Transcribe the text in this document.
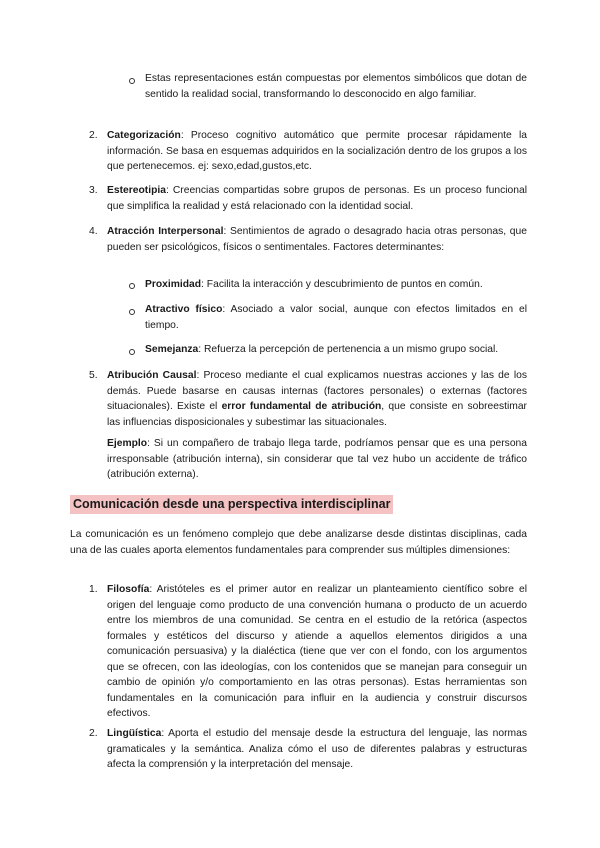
Estas representaciones están compuestas por elementos simbólicos que dotan de sentido la realidad social, transformando lo desconocido en algo familiar.

2. Categorización: Proceso cognitivo automático que permite procesar rápidamente la información. Se basa en esquemas adquiridos en la socialización dentro de los grupos a los que pertenecemos. ej: sexo,edad,gustos,etc.

3. Estereotipia: Creencias compartidas sobre grupos de personas. Es un proceso funcional que simplifica la realidad y está relacionado con la identidad social.

4. Atracción Interpersonal: Sentimientos de agrado o desagrado hacia otras personas, que pueden ser psicológicos, físicos o sentimentales. Factores determinantes:

Proximidad: Facilita la interacción y descubrimiento de puntos en común.

Atractivo físico: Asociado a valor social, aunque con efectos limitados en el tiempo.

Semejanza: Refuerza la percepción de pertenencia a un mismo grupo social.

5. Atribución Causal: Proceso mediante el cual explicamos nuestras acciones y las de los demás. Puede basarse en causas internas (factores personales) o externas (factores situacionales). Existe el error fundamental de atribución, que consiste en sobreestimar las influencias disposicionales y subestimar las situacionales.

Ejemplo: Si un compañero de trabajo llega tarde, podríamos pensar que es una persona irresponsable (atribución interna), sin considerar que tal vez hubo un accidente de tráfico (atribución externa).

Comunicación desde una perspectiva interdisciplinar

La comunicación es un fenómeno complejo que debe analizarse desde distintas disciplinas, cada una de las cuales aporta elementos fundamentales para comprender sus múltiples dimensiones:

1. Filosofía: Aristóteles es el primer autor en realizar un planteamiento científico sobre el origen del lenguaje como producto de una convención humana o producto de un acuerdo entre los miembros de una comunidad. Se centra en el estudio de la retórica (aspectos formales y estéticos del discurso y atiende a aquellos elementos dirigidos a una comunicación persuasiva) y la dialéctica (tiene que ver con el fondo, con los argumentos que se ofrecen, con las ideologías, con los contenidos que se manejan para conseguir un cambio de opinión y/o comportamiento en las otras personas). Estas herramientas son fundamentales en la comunicación para influir en la audiencia y construir discursos efectivos.

2. Lingüística: Aporta el estudio del mensaje desde la estructura del lenguaje, las normas gramaticales y la semántica. Analiza cómo el uso de diferentes palabras y estructuras afecta la comprensión y la interpretación del mensaje.
